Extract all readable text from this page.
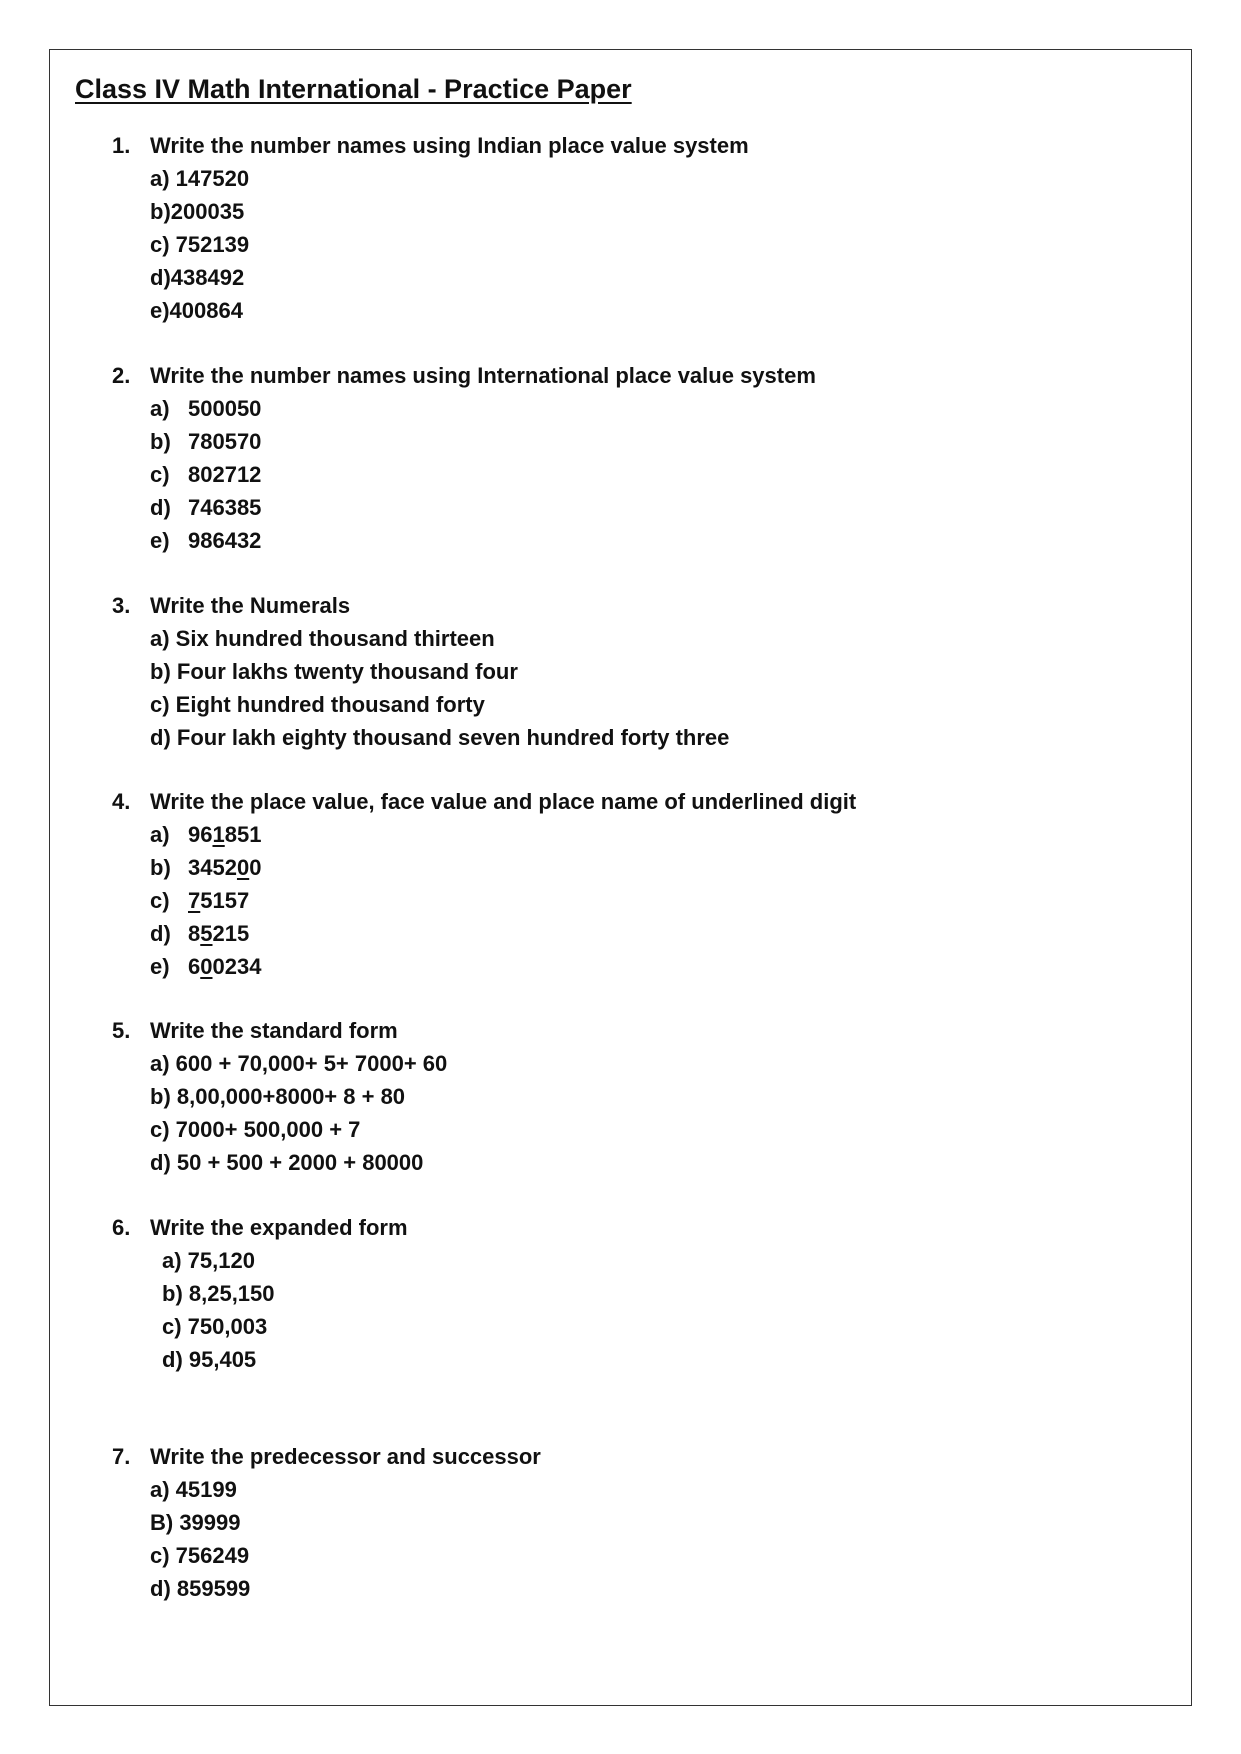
Class IV Math International - Practice Paper
1. Write the number names using Indian place value system
a) 147520
b)200035
c) 752139
d)438492
e)400864
2. Write the number names using International place value system
a) 500050
b) 780570
c) 802712
d) 746385
e) 986432
3. Write the Numerals
a) Six hundred thousand thirteen
b) Four lakhs twenty thousand four
c) Eight hundred thousand forty
d) Four lakh eighty thousand seven hundred forty three
4. Write the place value, face value and place name of underlined digit
a) 961851
b) 345200
c) 75157
d) 85215
e) 600234
5. Write the standard form
a) 600 + 70,000+ 5+ 7000+ 60
b) 8,00,000+8000+ 8 + 80
c) 7000+ 500,000 + 7
d) 50 + 500 + 2000 + 80000
6. Write the expanded form
a) 75,120
b) 8,25,150
c) 750,003
d) 95,405
7. Write the predecessor and successor
a) 45199
B) 39999
c) 756249
d) 859599
